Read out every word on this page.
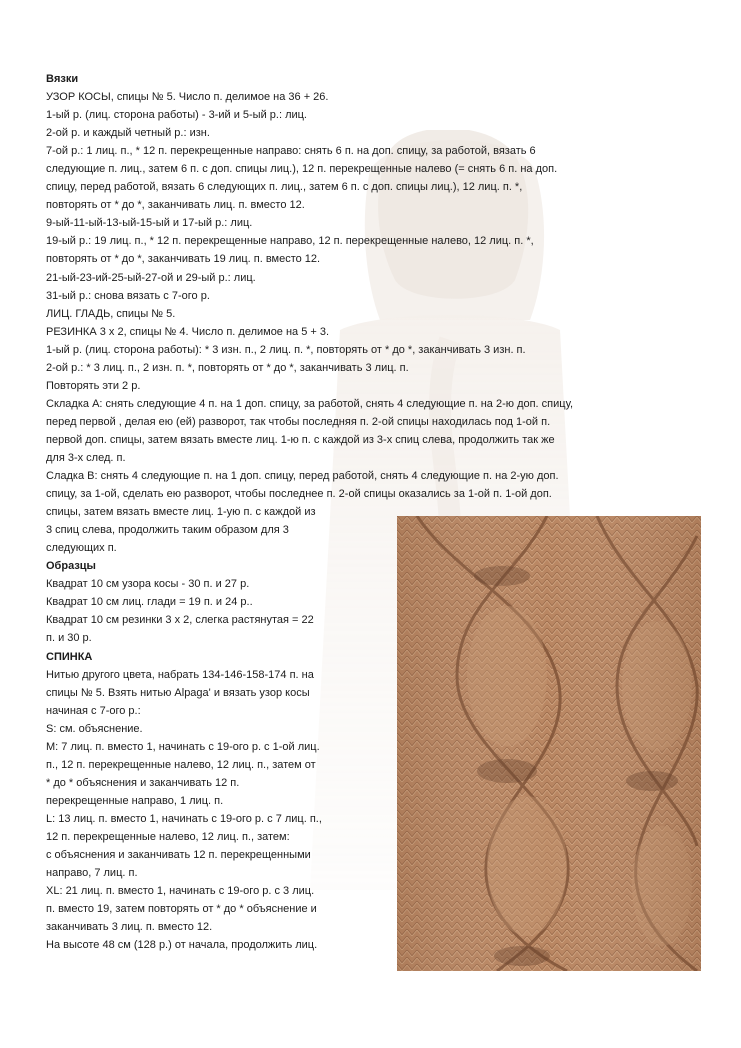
Вязки
УЗОР КОСЫ, спицы № 5. Число п. делимое на 36 + 26.
1-ый р. (лиц. сторона работы) - 3-ий и 5-ый р.: лиц.
2-ой р. и каждый четный р.: изн.
7-ой р.: 1 лиц. п., * 12 п. перекрещенные направо: снять 6 п. на доп. спицу, за работой, вязать 6
следующие п. лиц., затем 6 п. с доп. спицы лиц.), 12 п. перекрещенные налево (= снять 6 п. на доп.
спицу, перед работой, вязать 6 следующих п. лиц., затем 6 п. с доп. спицы лиц.), 12 лиц. п. *,
повторять от * до *, заканчивать лиц. п. вместо 12.
9-ый-11-ый-13-ый-15-ый и 17-ый р.: лиц.
19-ый р.: 19 лиц. п., * 12 п. перекрещенные направо, 12 п. перекрещенные налево, 12 лиц. п. *,
повторять от * до *, заканчивать 19 лиц. п. вместо 12.
21-ый-23-ий-25-ый-27-ой и 29-ый р.: лиц.
31-ый р.: снова вязать с 7-ого р.
ЛИЦ. ГЛАДЬ, спицы № 5.
РЕЗИНКА 3 х 2, спицы № 4. Число п. делимое на 5 + 3.
1-ый р. (лиц. сторона работы): * 3 изн. п., 2 лиц. п. *, повторять от * до *, заканчивать 3 изн. п.
2-ой р.: * 3 лиц. п., 2 изн. п. *, повторять от * до *, заканчивать 3 лиц. п.
Повторять эти 2 р.
Складка А: снять следующие 4 п. на 1 доп. спицу, за работой, снять 4 следующие п. на 2-ю доп. спицу,
перед первой , делая ею (ей) разворот, так чтобы последняя п. 2-ой спицы находилась под 1-ой п.
первой доп. спицы, затем вязать вместе лиц. 1-ю п. с каждой из 3-х спиц слева, продолжить так же
для 3-х след. п.
Сладка В: снять 4 следующие п. на 1 доп. спицу, перед работой, снять 4 следующие п. на 2-ую доп.
спицу, за 1-ой, сделать ею разворот, чтобы последнее п. 2-ой спицы оказались за 1-ой п. 1-ой доп.
спицы, затем вязать вместе лиц. 1-ую п. с каждой из
3 спиц слева, продолжить таким образом для 3
следующих п.
Образцы
Квадрат 10 см узора косы - 30 п. и 27 р.
Квадрат 10 см лиц. глади = 19 п. и 24 р..
Квадрат 10 см резинки 3 х 2, слегка растянутая = 22
п. и 30 р.
СПИНКА
Нитью другого цвета, набрать 134-146-158-174 п. на
спицы № 5. Взять нитью Alpaga' и вязать узор косы
начиная с 7-ого р.:
S: см. объяснение.
М: 7 лиц. п. вместо 1, начинать с 19-ого р. с 1-ой лиц.
п., 12 п. перекрещенные налево, 12 лиц. п., затем от
* до * объяснения и заканчивать 12 п.
перекрещенные направо, 1 лиц. п.
L: 13 лиц. п. вместо 1, начинать с 19-ого р. с 7 лиц. п.,
12 п. перекрещенные налево, 12 лиц. п., затем:
с объяснения и заканчивать 12 п. перекрещенными
направо, 7 лиц. п.
XL: 21 лиц. п. вместо 1, начинать с 19-ого р. с 3 лиц.
п. вместо 19, затем повторять от * до * объяснение и
заканчивать 3 лиц. п. вместо 12.
На высоте 48 см (128 р.) от начала, продолжить лиц.
